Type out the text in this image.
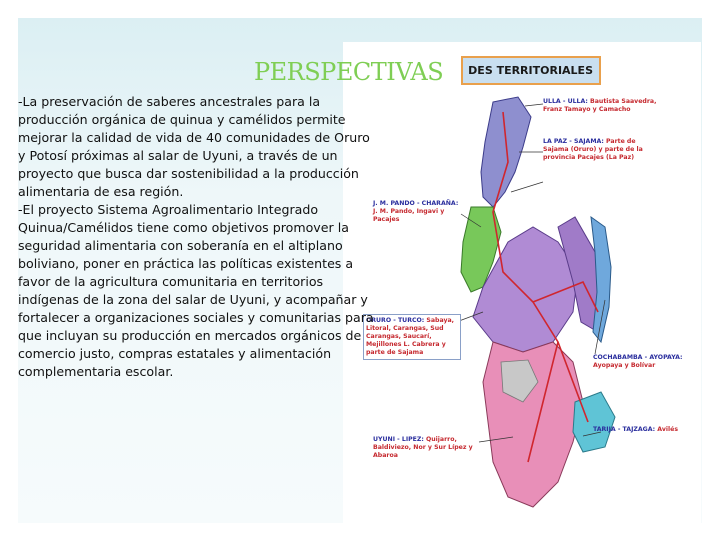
DES TERRITORIALES
ULLA - ULLA: Bautista Saavedra, Franz Tamayo y Camacho
LA PAZ - SAJAMA: Parte de Sajama (Oruro) y parte de la provincia Pacajes (La Paz)
J. M. PANDO - CHARAÑA: J. M. Pando, Ingavi y Pacajes
ORURO - TURCO: Sabaya, Litoral, Carangas, Sud Carangas, Saucarí, Mejillones L. Cabrera y parte de Sajama
COCHABAMBA - AYOPAYA: Ayopaya y Bolívar
TARIJA - TAJZAGA: Avilés
UYUNI - LIPEZ: Quijarro, Baldiviezo, Nor y Sur Lípez y Abaroa
PERSPECTIVAS

-La preservación de saberes ancestrales para la producción orgánica de quinua y camélidos permite mejorar la calidad de vida de 40 comunidades de Oruro y Potosí próximas al salar de Uyuni, a través de un proyecto que busca dar sostenibilidad a la producción alimentaria de esa región.

-El proyecto Sistema Agroalimentario Integrado Quinua/Camélidos tiene como objetivos promover la seguridad alimentaria con soberanía en el altiplano boliviano, poner en práctica las políticas existentes a favor de la agricultura comunitaria en territorios indígenas de la zona del salar de Uyuni, y acompañar y fortalecer a organizaciones sociales y comunitarias para que incluyan su producción en mercados orgánicos de comercio justo, compras estatales y alimentación complementaria escolar.
